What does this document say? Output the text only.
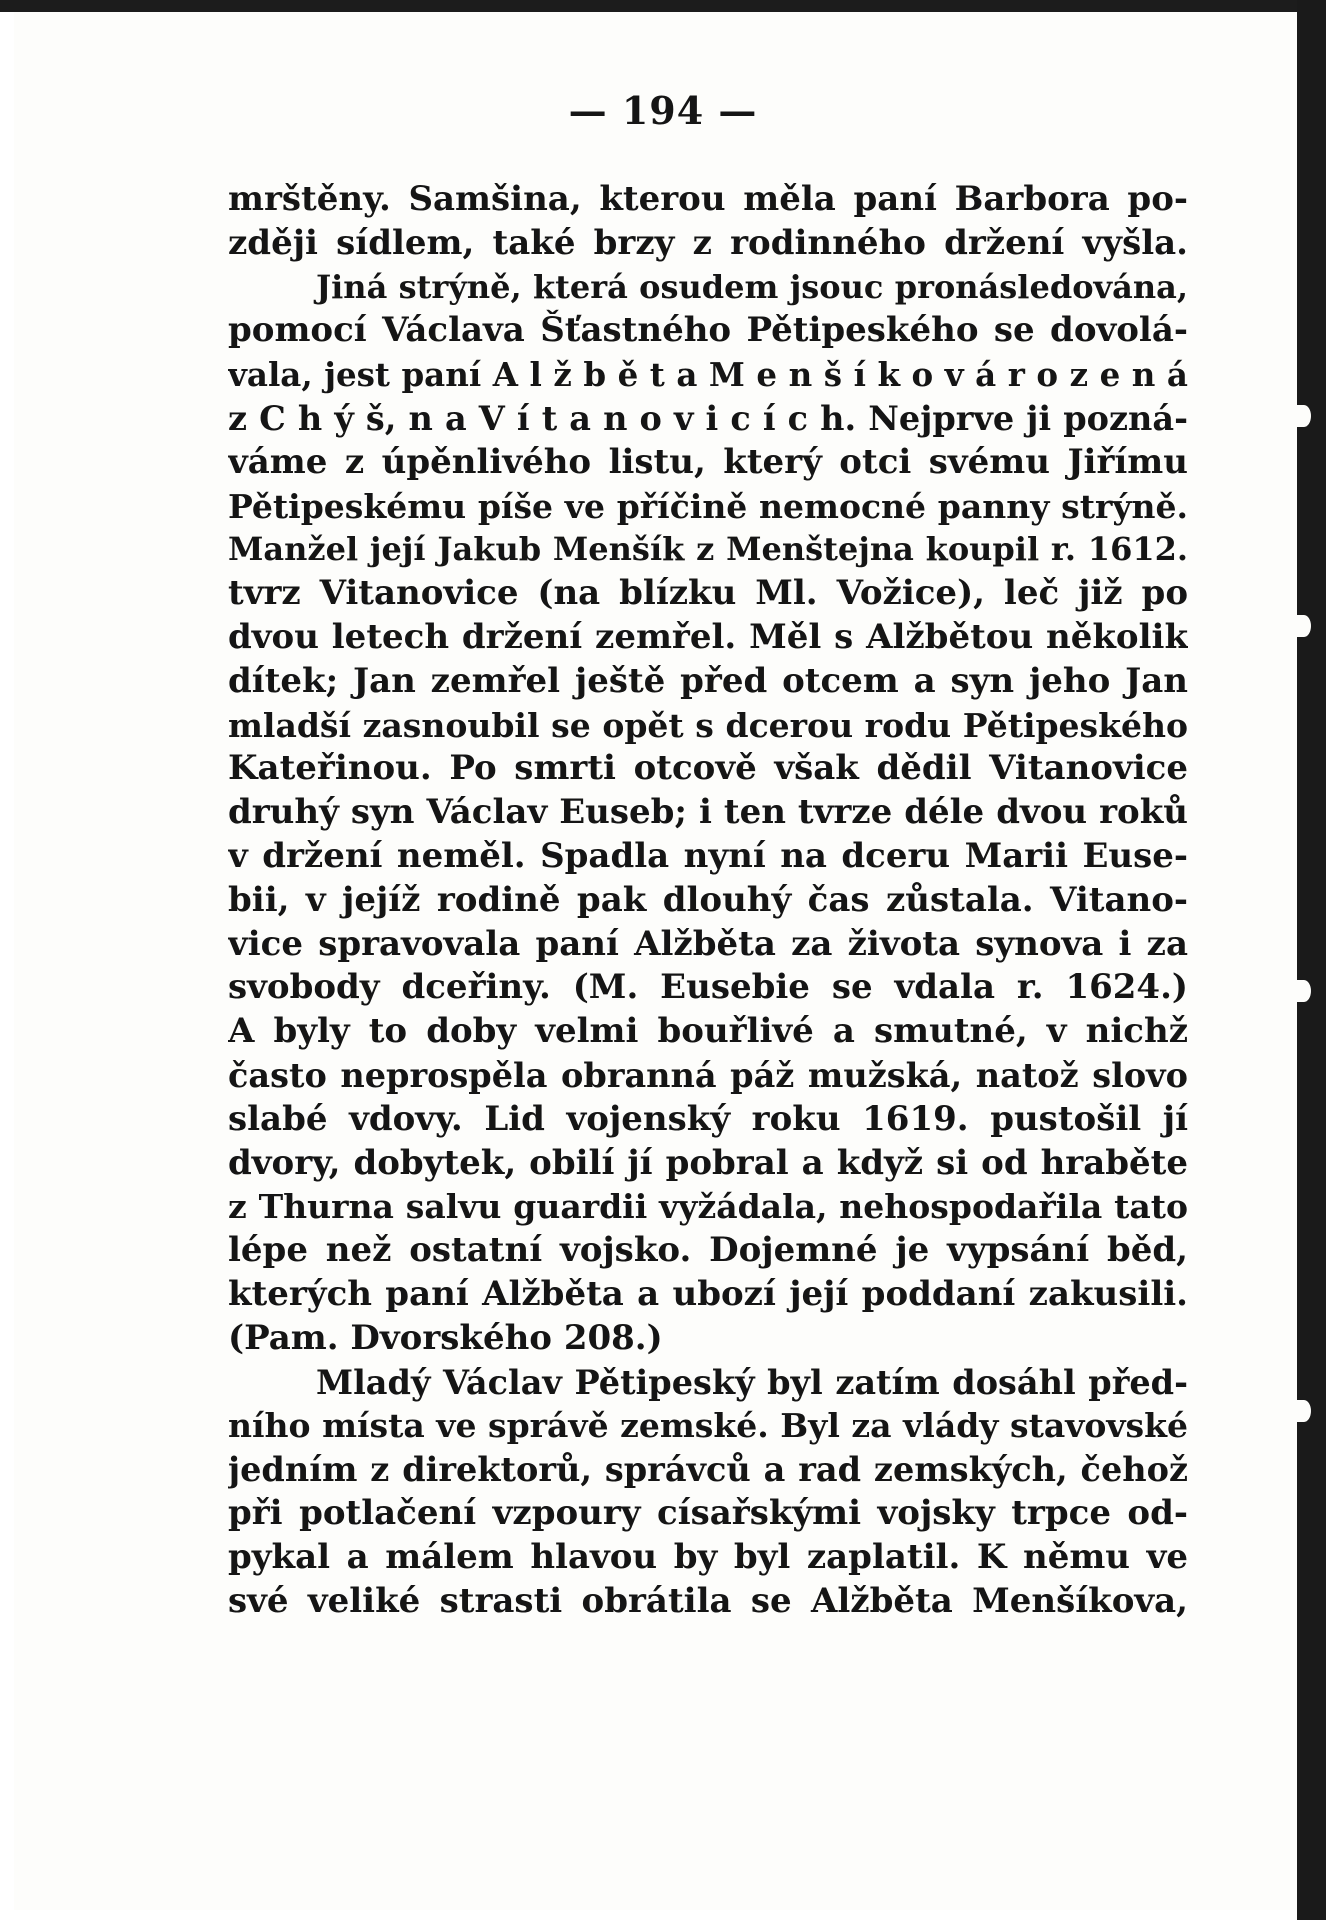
— 194 —
mrštěny. Samšina, kterou měla paní Barbora po-
zději sídlem, také brzy z rodinného držení vyšla.
Jiná strýně, která osudem jsouc pronásledována,
pomocí Václava Šťastného Pětipeského se dovolá-
vala, jest paní A l ž b ě t a M e n š í k o v á r o z e n á
z C h ý š, n a V í t a n o v i c í c h. Nejprve ji pozná-
váme z úpěnlivého listu, který otci svému Jiřímu
Pětipeskému píše ve příčině nemocné panny strýně.
Manžel její Jakub Menšík z Menštejna koupil r. 1612.
tvrz Vitanovice (na blízku Ml. Vožice), leč již po
dvou letech držení zemřel. Měl s Alžbětou několik
dítek; Jan zemřel ještě před otcem a syn jeho Jan
mladší zasnoubil se opět s dcerou rodu Pětipeského
Kateřinou. Po smrti otcově však dědil Vitanovice
druhý syn Václav Euseb; i ten tvrze déle dvou roků
v držení neměl. Spadla nyní na dceru Marii Euse-
bii, v jejíž rodině pak dlouhý čas zůstala. Vitano-
vice spravovala paní Alžběta za života synova i za
svobody dceřiny. (M. Eusebie se vdala r. 1624.)
A byly to doby velmi bouřlivé a smutné, v nichž
často neprospěla obranná páž mužská, natož slovo
slabé vdovy. Lid vojenský roku 1619. pustošil jí
dvory, dobytek, obilí jí pobral a když si od hraběte
z Thurna salvu guardii vyžádala, nehospodařila tato
lépe než ostatní vojsko. Dojemné je vypsání běd,
kterých paní Alžběta a ubozí její poddaní zakusili.
(Pam. Dvorského 208.)
Mladý Václav Pětipeský byl zatím dosáhl před-
ního místa ve správě zemské. Byl za vlády stavovské
jedním z direktorů, správců a rad zemských, čehož
při potlačení vzpoury císařskými vojsky trpce od-
pykal a málem hlavou by byl zaplatil. K němu ve
své veliké strasti obrátila se Alžběta Menšíkova,
